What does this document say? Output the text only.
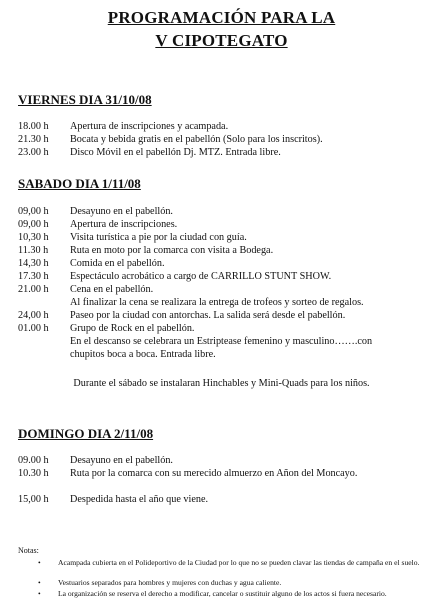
PROGRAMACIÓN PARA LA
V CIPOTEGATO
VIERNES DIA 31/10/08
18.00 h Apertura de inscripciones y acampada.
21.30 h Bocata y bebida gratis en el pabellón (Solo para los inscritos).
23.00 h Disco Móvil en el pabellón Dj. MTZ. Entrada libre.
SABADO DIA 1/11/08
09,00 h Desayuno en el pabellón.
09,00 h Apertura de inscripciones.
10,30 h Visita turística a pie por la ciudad con guía.
11.30 h Ruta en moto por la comarca con visita a Bodega.
14,30 h Comida en el pabellón.
17.30 h Espectáculo acrobático a cargo de CARRILLO STUNT SHOW.
21.00 h Cena en el pabellón.
Al finalizar la cena se realizara la entrega de trofeos y sorteo de regalos.
24,00 h Paseo por la ciudad con antorchas. La salida será desde el pabellón.
01.00 h Grupo de Rock en el pabellón.
En el descanso se celebrara un Estriptease femenino y masculino…….con
chupitos boca a boca. Entrada libre.
Durante el sábado se instalaran Hinchables y Mini-Quads para los niños.
DOMINGO DIA 2/11/08
09.00 h Desayuno en el pabellón.
10.30 h Ruta por la comarca con su merecido almuerzo en Añon del Moncayo.
15,00 h Despedida hasta el año que viene.
Notas:
• Acampada cubierta en el Polideportivo de la Ciudad por lo que no se pueden clavar las tiendas de campaña en el suelo.
• Vestuarios separados para hombres y mujeres con duchas y agua caliente.
• La organización se reserva el derecho a modificar, cancelar o sustituir alguno de los actos si fuera necesario.
